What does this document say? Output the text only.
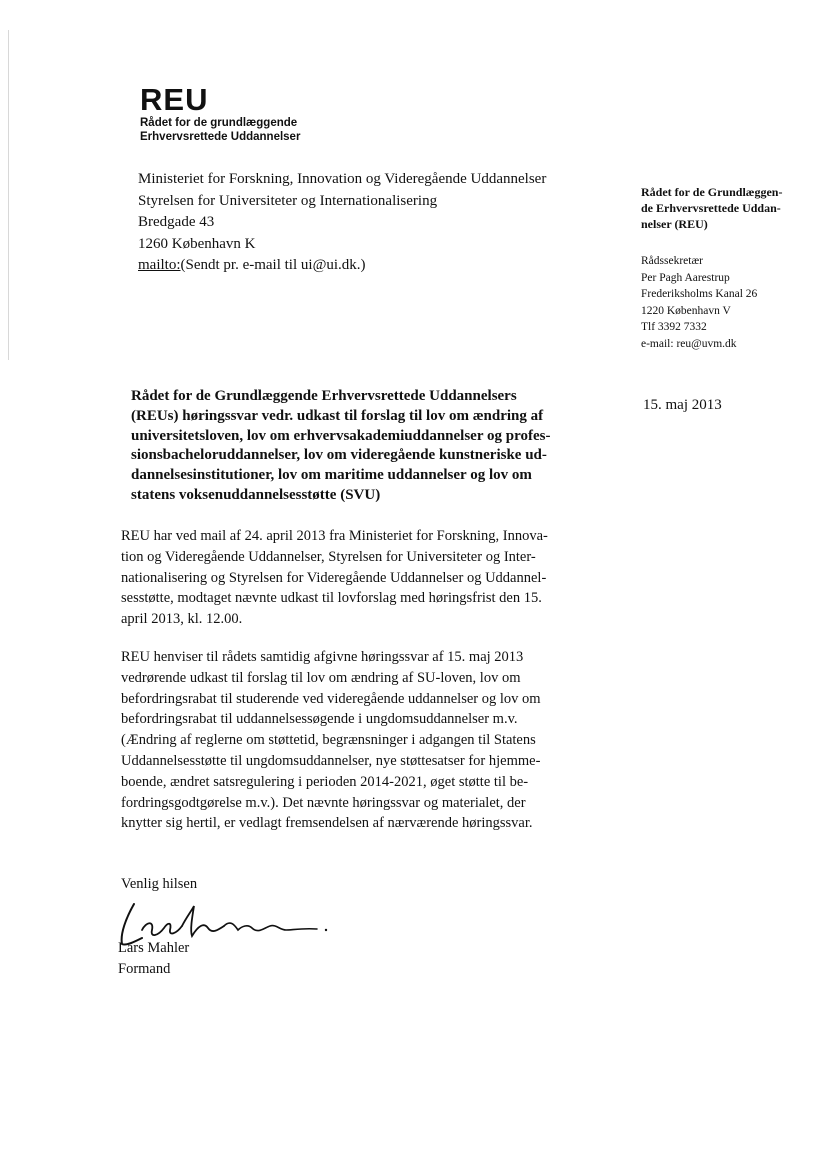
REU
Rådet for de grundlæggende
Erhvervsrettede Uddannelser
Ministeriet for Forskning, Innovation og Videregående Uddannelser
Styrelsen for Universiteter og Internationalisering
Bredgade 43
1260 København K
mailto:(Sendt pr. e-mail til ui@ui.dk.)
Rådet for de Grundlæggen-
de Erhvervsrettede Uddan-
nelser (REU)
Rådssekretær
Per Pagh Aarestrup
Frederiksholms Kanal 26
1220 København V
Tlf 3392 7332
e-mail: reu@uvm.dk
15. maj 2013
Rådet for de Grundlæggende Erhvervsrettede Uddannelsers
(REUs) høringssvar vedr. udkast til forslag til lov om ændring af
universitetsloven, lov om erhvervsakademiuddannelser og profes-
sionsbacheloruddannelser, lov om videregående kunstneriske ud-
dannelsesinstitutioner, lov om maritime uddannelser og lov om
statens voksenuddannelsesstøtte (SVU)
REU har ved mail af 24. april 2013 fra Ministeriet for Forskning, Innova-
tion og Videregående Uddannelser, Styrelsen for Universiteter og Inter-
nationalisering og Styrelsen for Videregående Uddannelser og Uddannel-
sesstøtte, modtaget nævnte udkast til lovforslag med høringsfrist den 15.
april 2013, kl. 12.00.
REU henviser til rådets samtidig afgivne høringssvar af 15. maj 2013
vedrørende udkast til forslag til lov om ændring af SU-loven, lov om
befordringsrabat til studerende ved videregående uddannelser og lov om
befordringsrabat til uddannelsessøgende i ungdomsuddannelser m.v.
(Ændring af reglerne om støttetid, begrænsninger i adgangen til Statens
Uddannelsesstøtte til ungdomsuddannelser, nye støttesatser for hjemme-
boende, ændret satsregulering i perioden 2014-2021, øget støtte til be-
fordringsgodtgørelse m.v.). Det nævnte høringssvar og materialet, der
knytter sig hertil, er vedlagt fremsendelsen af nærværende høringssvar.
Venlig hilsen
Lars Mahler
Formand
